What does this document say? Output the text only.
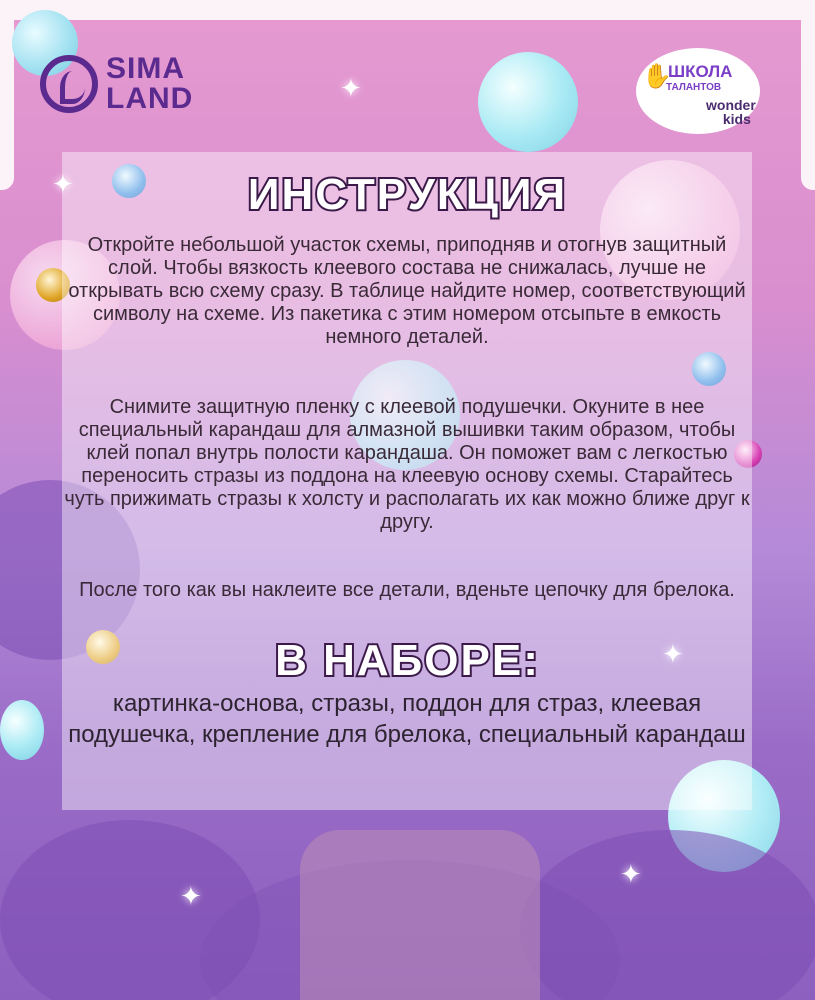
✦
✦
✦
✦
✦
SIMA
LAND
✋
ШКОЛА
ТАЛАНТОВ
wonder
kids
ИНСТРУКЦИЯ
Откройте небольшой участок схемы, приподняв и отогнув защитный слой. Чтобы вязкость клеевого состава не снижалась, лучше не открывать всю схему сразу. В таблице найдите номер, соответствующий символу на схеме. Из пакетика с этим номером отсыпьте в емкость немного деталей.
Снимите защитную пленку с клеевой подушечки. Окуните в нее специальный карандаш для алмазной вышивки таким образом, чтобы клей попал внутрь полости карандаша. Он поможет вам с легкостью переносить стразы из поддона на клеевую основу схемы. Старайтесь чуть прижимать стразы к холсту и располагать их как можно ближе друг к другу.
После того как вы наклеите все детали, вденьте цепочку для брелока.
В НАБОРЕ:
картинка-основа, стразы, поддон для страз, клеевая подушечка, крепление для брелока, специальный карандаш
